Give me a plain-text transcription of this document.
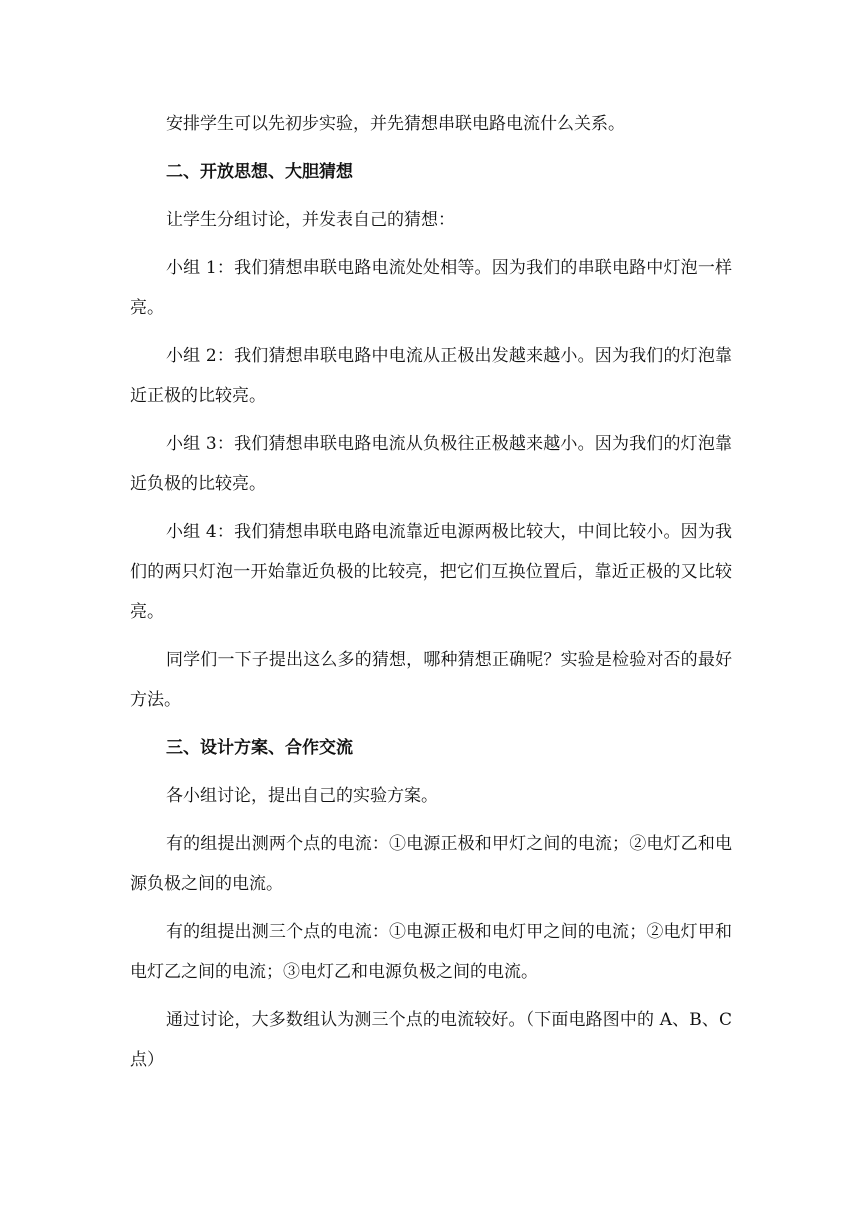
安排学生可以先初步实验，并先猜想串联电路电流什么关系。

二、开放思想、大胆猜想

让学生分组讨论，并发表自己的猜想：

小组 1：我们猜想串联电路电流处处相等。因为我们的串联电路中灯泡一样亮。

小组 2：我们猜想串联电路中电流从正极出发越来越小。因为我们的灯泡靠近正极的比较亮。

小组 3：我们猜想串联电路电流从负极往正极越来越小。因为我们的灯泡靠近负极的比较亮。

小组 4：我们猜想串联电路电流靠近电源两极比较大，中间比较小。因为我们的两只灯泡一开始靠近负极的比较亮，把它们互换位置后，靠近正极的又比较亮。

同学们一下子提出这么多的猜想，哪种猜想正确呢？实验是检验对否的最好方法。

三、设计方案、合作交流

各小组讨论，提出自己的实验方案。

有的组提出测两个点的电流：①电源正极和甲灯之间的电流；②电灯乙和电源负极之间的电流。

有的组提出测三个点的电流：①电源正极和电灯甲之间的电流；②电灯甲和电灯乙之间的电流；③电灯乙和电源负极之间的电流。

通过讨论，大多数组认为测三个点的电流较好。（下面电路图中的 A、B、C 点）
